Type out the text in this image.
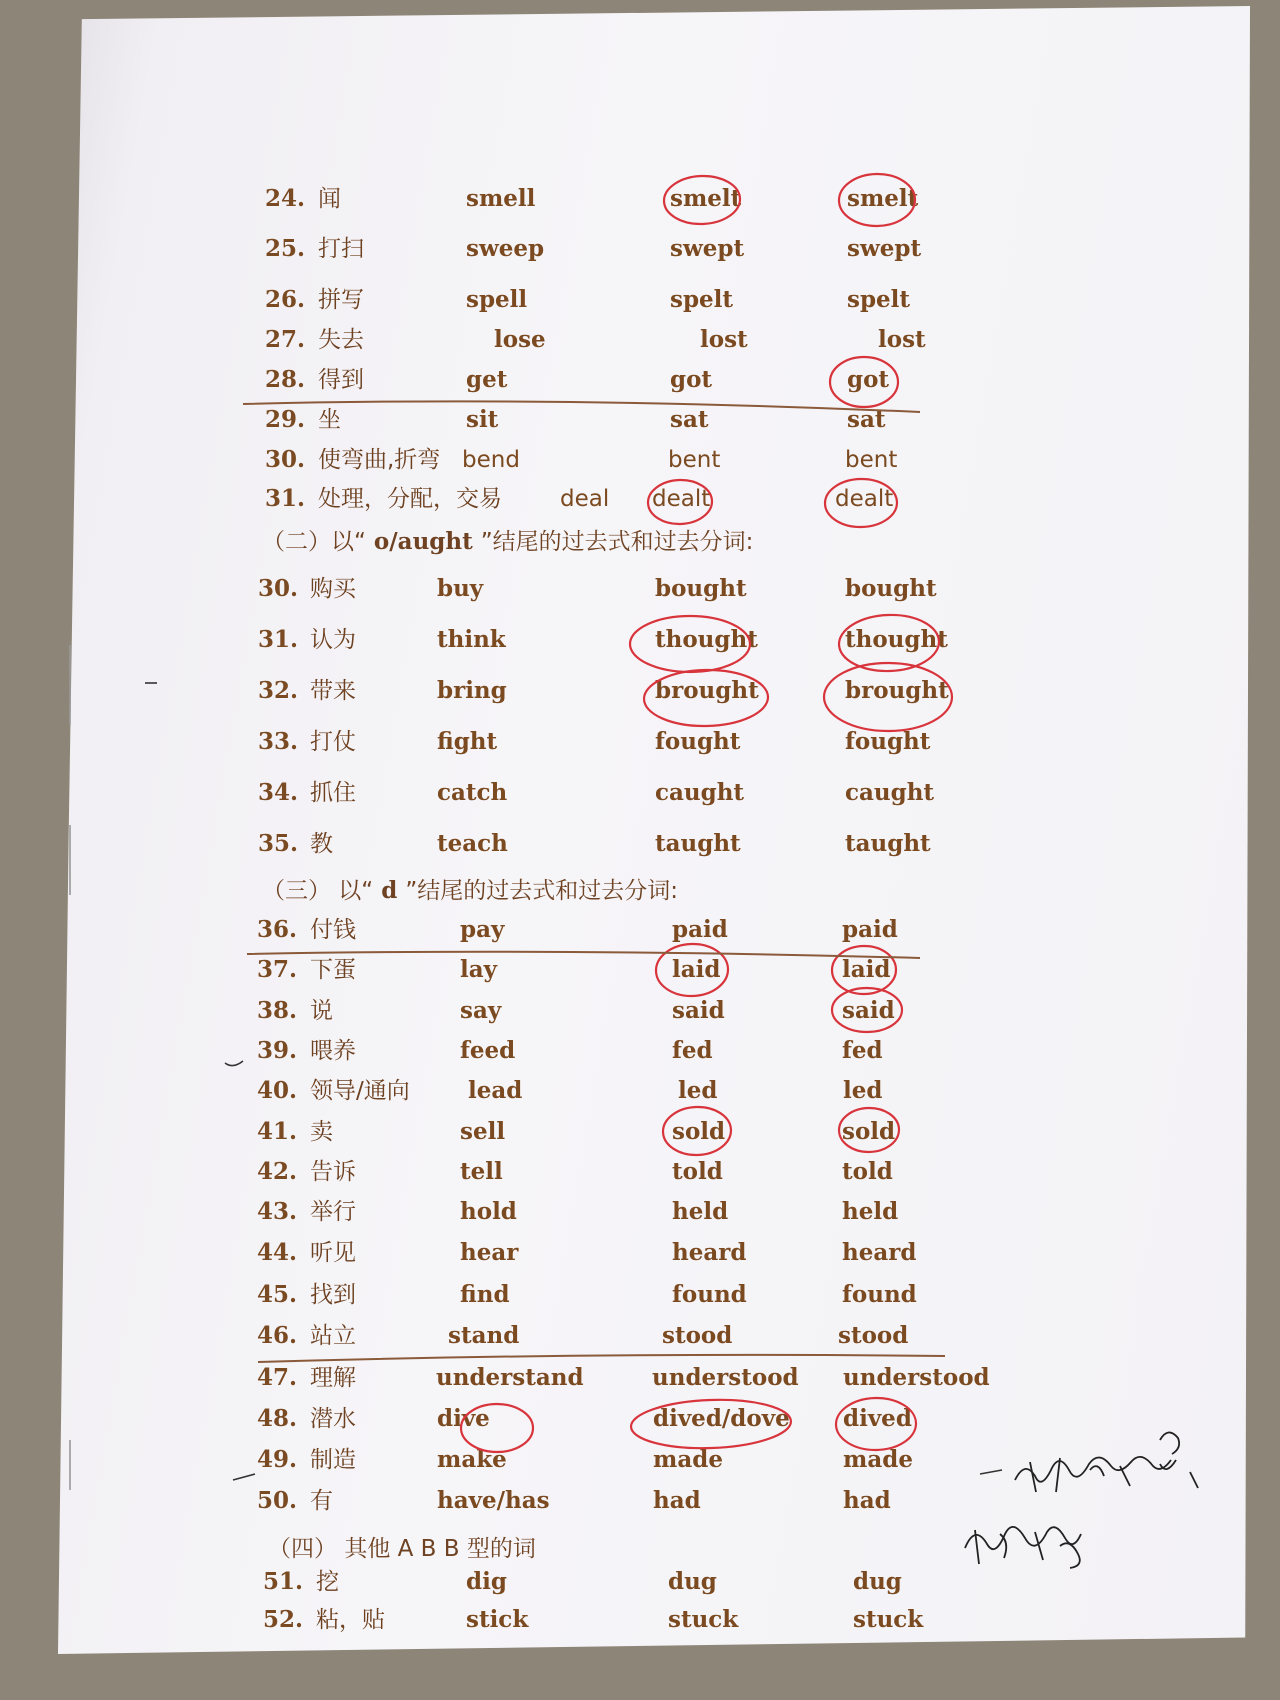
（二）以“ o/aught ”结尾的过去式和过去分词:
（三） 以“ d ”结尾的过去式和过去分词:
（四） 其他 A B B 型的词
24. 闻	smell	smelt	smelt
25. 打扫	sweep	swept	swept
26. 拼写	spell	spelt	spelt
27. 失去	lose	lost	lost
28. 得到	get	got	got
29. 坐	sit	sat	sat
30. 使弯曲,折弯 bend	bent	bent
31. 处理，分配，交易	deal dealt	dealt
30. 购买	buy	bought	bought
31. 认为	think	thought	thought
32. 带来	bring	brought	brought
33. 打仗	fight	fought	fought
34. 抓住	catch	caught	caught
35. 教	teach	taught	taught
36. 付钱	pay	paid	paid
37. 下蛋	lay	laid	laid
38. 说	say	said	said
39. 喂养	feed	fed	fed
40. 领导/通向	lead	led	led
41. 卖	sell	sold	sold
42. 告诉	tell	told	told
43. 举行	hold	held	held
44. 听见	hear	heard	heard
45. 找到	find	found	found
46. 站立	stand	stood	stood
47. 理解	understand	understood understood
48. 潜水	dive	dived/dove dived
49. 制造	make	made	made
50. 有	have/has	had	had
51. 挖	dig	dug	dug
52. 粘，贴	stick	stuck	stuck
